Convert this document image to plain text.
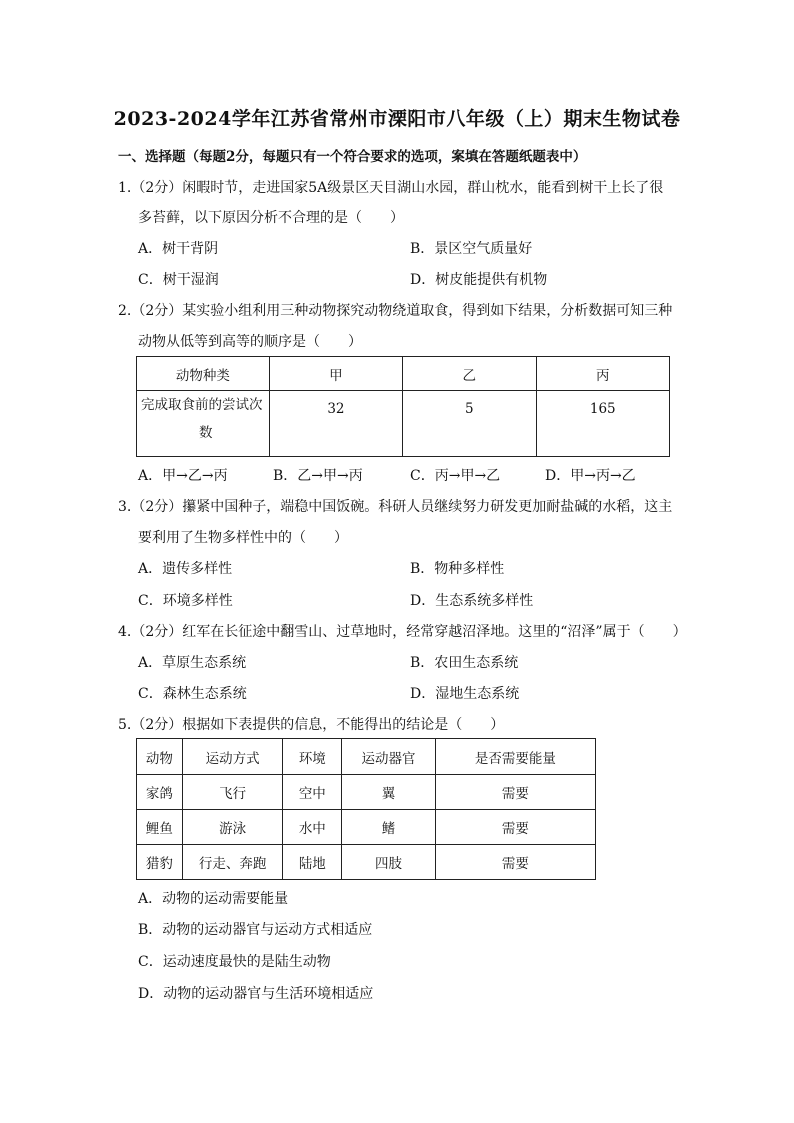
2023-2024学年江苏省常州市溧阳市八年级（上）期末生物试卷
一、选择题（每题2分，每题只有一个符合要求的选项，案填在答题纸题表中）
1.（2分）闲暇时节，走进国家5A级景区天目湖山水园，群山枕水，能看到树干上长了很
多苔藓，以下原因分析不合理的是（　　）
A．树干背阴	B．景区空气质量好
C．树干湿润	D．树皮能提供有机物
2.（2分）某实验小组利用三种动物探究动物绕道取食，得到如下结果，分析数据可知三种
动物从低等到高等的顺序是（　　）
动物种类	甲	乙	丙

完成取食前的尝试次
数	32	5	165
A．甲→乙→丙	B．乙→甲→丙	C．丙→甲→乙	D．甲→丙→乙
3.（2分）攥紧中国种子，端稳中国饭碗。科研人员继续努力研发更加耐盐碱的水稻，这主
要利用了生物多样性中的（　　）
A．遗传多样性	B．物种多样性
C．环境多样性	D．生态系统多样性
4.（2分）红军在长征途中翻雪山、过草地时，经常穿越沼泽地。这里的“沼泽”属于（　　）
A．草原生态系统	B．农田生态系统
C．森林生态系统	D．湿地生态系统
5.（2分）根据如下表提供的信息，不能得出的结论是（　　）
动物	运动方式	环境	运动器官	是否需要能量
家鸽	飞行	空中	翼	需要
鲤鱼	游泳	水中	鳍	需要
猎豹	行走、奔跑	陆地	四肢	需要
A．动物的运动需要能量
B．动物的运动器官与运动方式相适应
C．运动速度最快的是陆生动物
D．动物的运动器官与生活环境相适应
